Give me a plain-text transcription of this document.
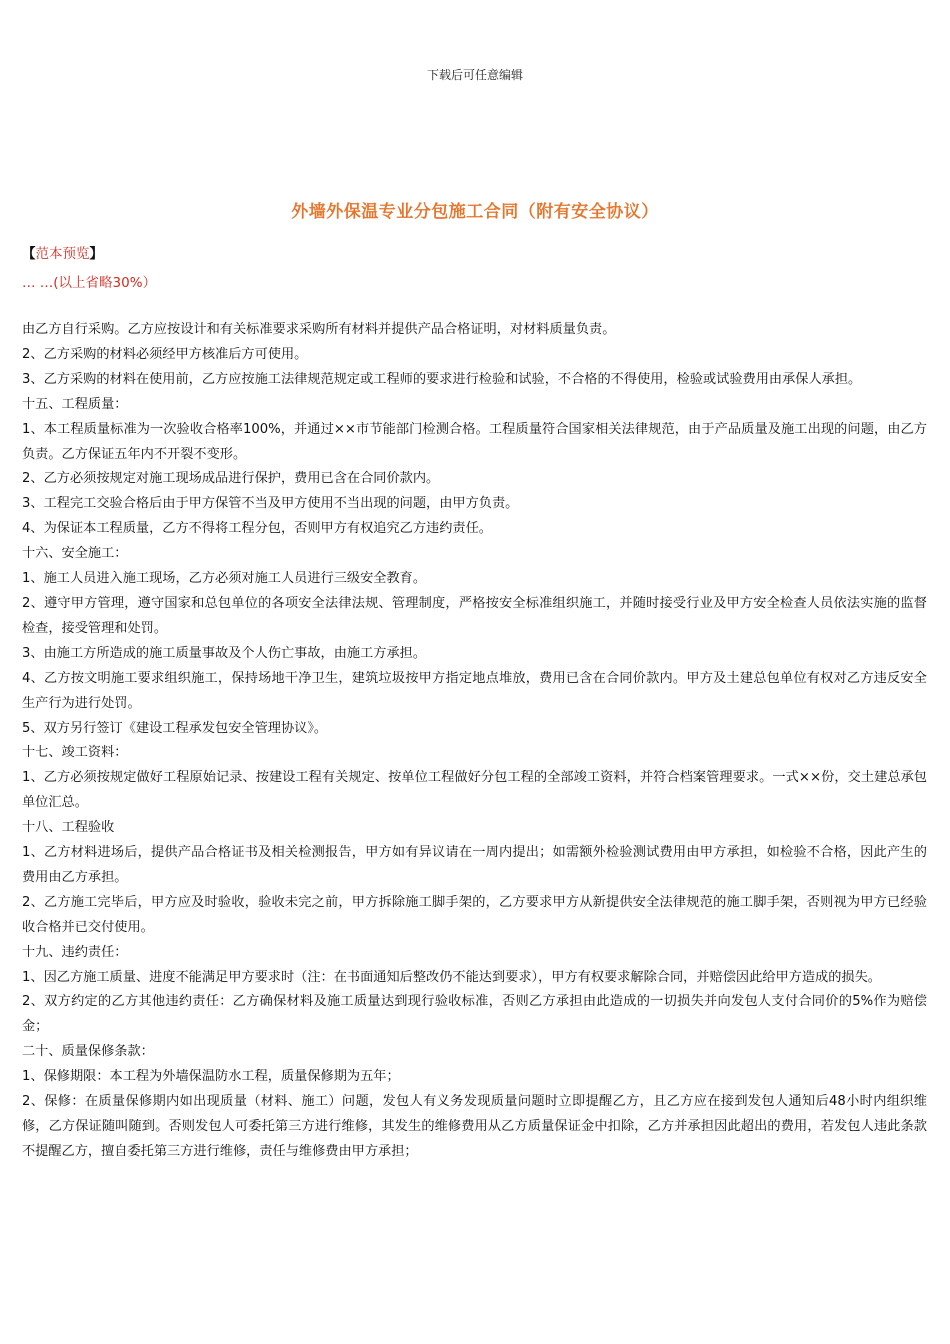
下载后可任意编辑
外墙外保温专业分包施工合同（附有安全协议）
【范本预览】
… …(以上省略30%）

由乙方自行采购。乙方应按设计和有关标准要求采购所有材料并提供产品合格证明，对材料质量负责。

2、乙方采购的材料必须经甲方核准后方可使用。

3、乙方采购的材料在使用前，乙方应按施工法律规范规定或工程师的要求进行检验和试验，不合格的不得使用，检验或试验费用由承保人承担。

十五、工程质量：

1、本工程质量标准为一次验收合格率100%，并通过××市节能部门检测合格。工程质量符合国家相关法律规范，由于产品质量及施工出现的问题，由乙方负责。乙方保证五年内不开裂不变形。

2、乙方必须按规定对施工现场成品进行保护，费用已含在合同价款内。

3、工程完工交验合格后由于甲方保管不当及甲方使用不当出现的问题，由甲方负责。

4、为保证本工程质量，乙方不得将工程分包，否则甲方有权追究乙方违约责任。

十六、安全施工：

1、施工人员进入施工现场，乙方必须对施工人员进行三级安全教育。

2、遵守甲方管理，遵守国家和总包单位的各项安全法律法规、管理制度，严格按安全标准组织施工，并随时接受行业及甲方安全检查人员依法实施的监督检查，接受管理和处罚。

3、由施工方所造成的施工质量事故及个人伤亡事故，由施工方承担。

4、乙方按文明施工要求组织施工，保持场地干净卫生，建筑垃圾按甲方指定地点堆放，费用已含在合同价款内。甲方及土建总包单位有权对乙方违反安全生产行为进行处罚。

5、双方另行签订《建设工程承发包安全管理协议》。

十七、竣工资料：

1、乙方必须按规定做好工程原始记录、按建设工程有关规定、按单位工程做好分包工程的全部竣工资料，并符合档案管理要求。一式××份，交土建总承包单位汇总。

十八、工程验收

1、乙方材料进场后，提供产品合格证书及相关检测报告，甲方如有异议请在一周内提出；如需额外检验测试费用由甲方承担，如检验不合格，因此产生的费用由乙方承担。

2、乙方施工完毕后，甲方应及时验收，验收未完之前，甲方拆除施工脚手架的，乙方要求甲方从新提供安全法律规范的施工脚手架，否则视为甲方已经验收合格并已交付使用。

十九、违约责任：

1、因乙方施工质量、进度不能满足甲方要求时（注：在书面通知后整改仍不能达到要求），甲方有权要求解除合同，并赔偿因此给甲方造成的损失。

2、双方约定的乙方其他违约责任：乙方确保材料及施工质量达到现行验收标准，否则乙方承担由此造成的一切损失并向发包人支付合同价的5%作为赔偿金；

二十、质量保修条款：

1、保修期限：本工程为外墙保温防水工程，质量保修期为五年；

2、保修：在质量保修期内如出现质量（材料、施工）问题，发包人有义务发现质量问题时立即提醒乙方，且乙方应在接到发包人通知后48小时内组织维修，乙方保证随叫随到。否则发包人可委托第三方进行维修，其发生的维修费用从乙方质量保证金中扣除，乙方并承担因此超出的费用，若发包人违此条款不提醒乙方，擅自委托第三方进行维修，责任与维修费由甲方承担；
